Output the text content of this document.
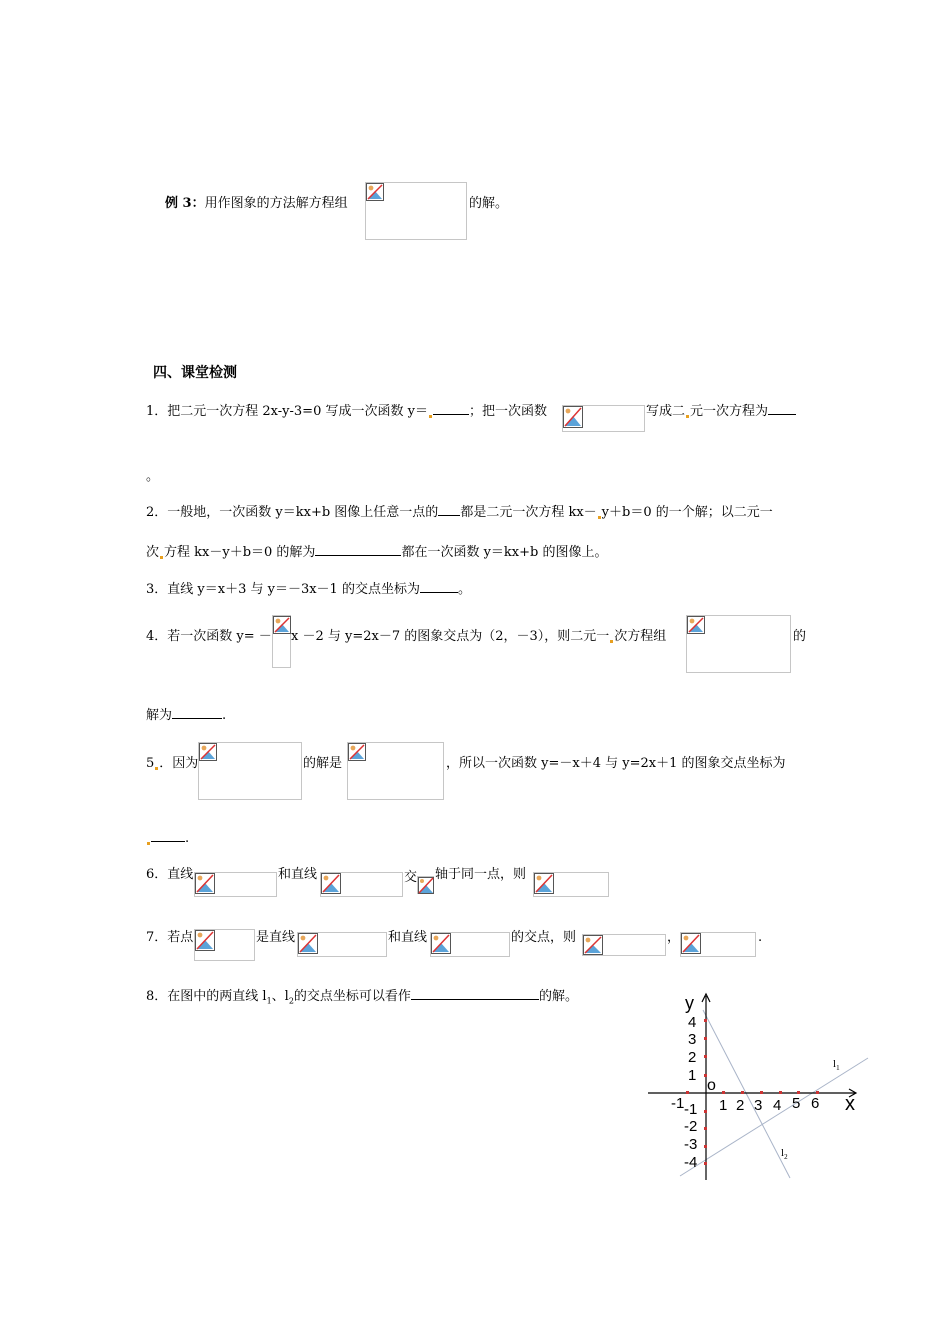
例 3：用作图象的方法解方程组	的解。
四、课堂检测
1．把二元一次方程 2x-y-3=0 写成一次函数 y＝	；把一次函数	写成二 元一次方程为
。
2．一般地，一次函数 y＝kx+b 图像上任意一点的 都是二元一次方程 kx－ y＋b＝0 的一个解；以二元一
次 方程 kx－y＋b＝0 的解为	都在一次函数 y＝kx+b 的图像上。
3．直线 y＝x＋3 与 y＝－3x－1 的交点坐标为	。
4．若一次函数 y= － x －2 与 y=2x－7 的图象交点为（2，－3），则二元一 次方程组	的
解为	.
5 ．因为	的解是	，所以一次函数 y=－x＋4 与 y=2x＋1 的图象交点坐标为
.
6．直线	和直线	交	轴于同一点，则
7．若点	是直线	和直线	的交点，则	，	.
8．在图中的两直线 $l_1$、$l_2$的交点坐标可以看作	的解。	y
x
o
-1 1 2 3 4 5 6
4
3
2
1
-1
-2
-3
-4
$l_1$
$l_2$
